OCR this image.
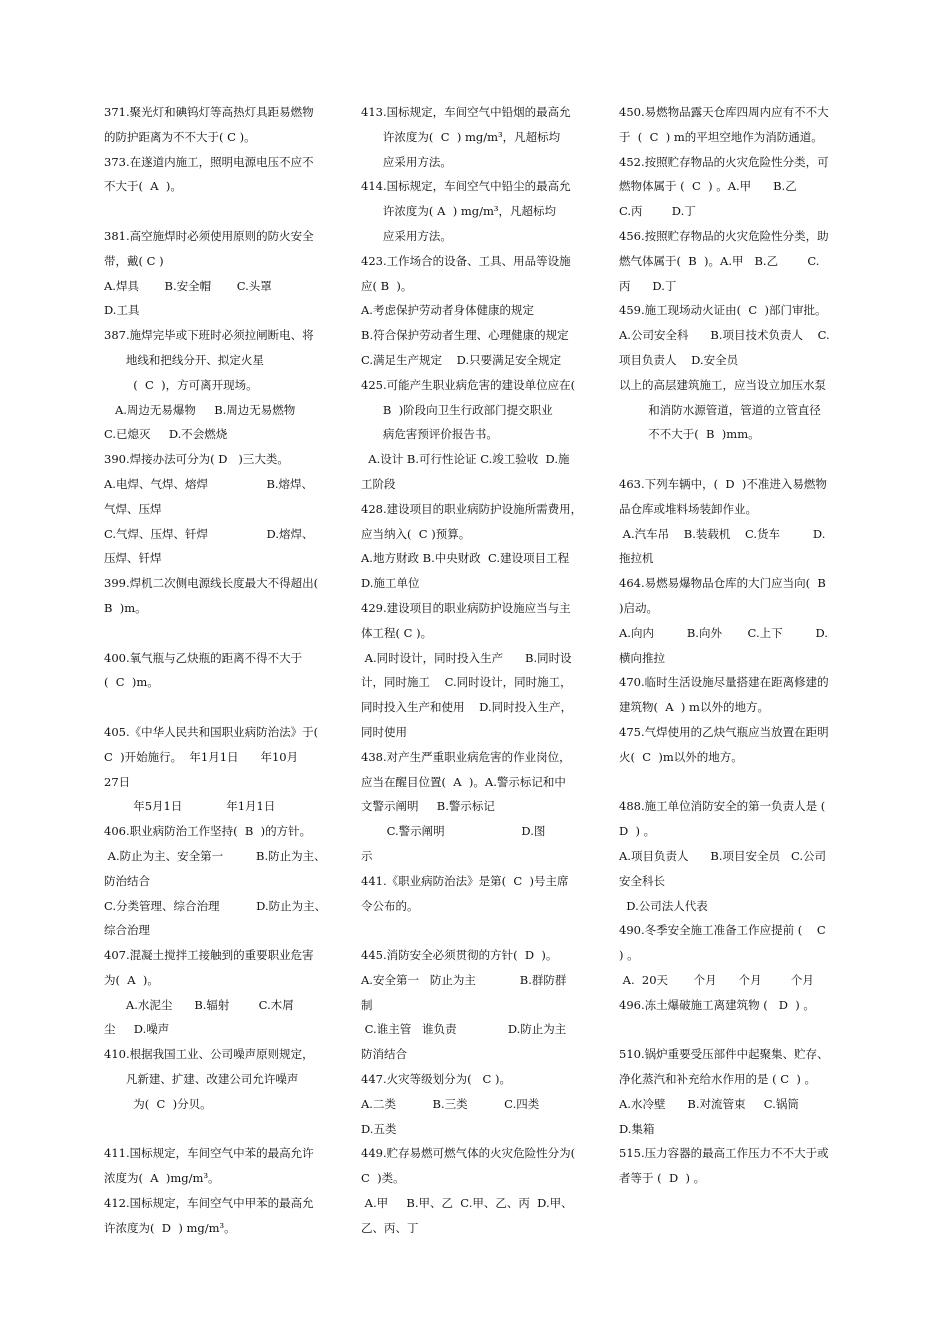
371.聚光灯和碘钨灯等高热灯具距易燃物
的防护距离为不不大于( C )。
373.在遂道内施工，照明电源电压不应不
不大于(  A  )。
381.高空施焊时必须使用原则的防火安全
带，戴( C )
A.焊具       B.安全帽       C.头罩
D.工具
387.施焊完毕或下班时必须拉闸断电、将
地线和把线分开、拟定火星
(  C  )，方可离开现场。
A.周边无易爆物     B.周边无易燃物
C.已熄灭     D.不会燃烧
390.焊接办法可分为( D   )三大类。
A.电焊、气焊、熔焊                B.熔焊、
气焊、压焊
C.气焊、压焊、钎焊                D.熔焊、
压焊、钎焊
399.焊机二次侧电源线长度最大不得超出(
B  )m。
400.氧气瓶与乙炔瓶的距离不得不大于
(  C  )m。
405.《中华人民共和国职业病防治法》于(
C  )开始施行。  年1月1日      年10月
27日
年5月1日            年1月1日
406.职业病防治工作坚持(  B  )的方针。
A.防止为主、安全第一         B.防止为主、
防治结合
C.分类管理、综合治理          D.防止为主、
综合治理
407.混凝土搅拌工接触到的重要职业危害
为(  A  )。
A.水泥尘      B.辐射        C.木屑
尘     D.噪声
410.根据我国工业、公司噪声原则规定，
凡新建、扩建、改建公司允许噪声
为(  C  )分贝。
411.国标规定，车间空气中苯的最高允许
浓度为(  A  )mg/m³。
412.国标规定，车间空气中甲苯的最高允
许浓度为(  D  ) mg/m³。
413.国标规定，车间空气中铅烟的最高允
许浓度为(  C  ) mg/m³，凡超标均
应采用方法。
414.国标规定，车间空气中铅尘的最高允
许浓度为( A  ) mg/m³，凡超标均
应采用方法。
423.工作场合的设备、工具、用品等设施
应( B  )。
A.考虑保护劳动者身体健康的规定
B.符合保护劳动者生理、心理健康的规定
C.满足生产规定    D.只要满足安全规定
425.可能产生职业病危害的建设单位应在(
B  )阶段向卫生行政部门提交职业
病危害预评价报告书。
A.设计 B.可行性论证 C.竣工验收  D.施
工阶段
428.建设项目的职业病防护设施所需费用，
应当纳入(  C )预算。
A.地方财政 B.中央财政  C.建设项目工程
D.施工单位
429.建设项目的职业病防护设施应当与主
体工程( C )。
A.同时设计，同时投入生产      B.同时设
计，同时施工    C.同时设计，同时施工，
同时投入生产和使用    D.同时投入生产，
同时使用
438.对产生严重职业病危害的作业岗位，
应当在醒目位置(  A  )。A.警示标记和中
文警示阐明     B.警示标记
C.警示阐明                     D.图
示
441.《职业病防治法》是第(  C  )号主席
令公布的。
445.消防安全必须贯彻的方针(  D  )。
A.安全第一   防止为主            B.群防群
制
C.谁主管   谁负责              D.防止为主
防消结合
447.火灾等级划分为(   C )。
A.二类          B.三类          C.四类
D.五类
449.贮存易燃可燃气体的火灾危险性分为(
C  )类。
A.甲     B.甲、乙  C.甲、乙、丙  D.甲、
乙、丙、丁
450.易燃物品露天仓库四周内应有不不大
于  (  C  ) m的平坦空地作为消防通道。
452.按照贮存物品的火灾危险性分类，可
燃物体属于 (  C  ) 。A.甲      B.乙
C.丙        D.丁
456.按照贮存物品的火灾危险性分类，助
燃气体属于(  B  )。A.甲   B.乙        C.
丙      D.丁
459.施工现场动火证由(  C  )部门审批。
A.公司安全科      B.项目技术负责人    C.
项目负责人    D.安全员
以上的高层建筑施工，应当设立加压水泵
和消防水源管道，管道的立管直径
不不大于(  B  )mm。
463.下列车辆中，(  D  )不准进入易燃物
品仓库或堆料场装卸作业。
A.汽车吊    B.装载机    C.货车         D.
拖拉机
464.易燃易爆物品仓库的大门应当向(  B
)启动。
A.向内         B.向外       C.上下         D.
横向推拉
470.临时生活设施尽量搭建在距离修建的
建筑物(  A  ) m以外的地方。
475.气焊使用的乙炔气瓶应当放置在距明
火(  C  )m以外的地方。
488.施工单位消防安全的第一负责人是 (
D  ) 。
A.项目负责人      B.项目安全员   C.公司
安全科长
D.公司法人代表
490.冬季安全施工准备工作应提前 (    C
) 。
A.  20天       个月      个月        个月
496.冻土爆破施工离建筑物 (   D  ) 。
510.锅炉重要受压部件中起聚集、贮存、
净化蒸汽和补充给水作用的是 ( C  ) 。
A.水冷壁      B.对流管束     C.锅筒
D.集箱
515.压力容器的最高工作压力不不大于或
者等于 (  D  ) 。
